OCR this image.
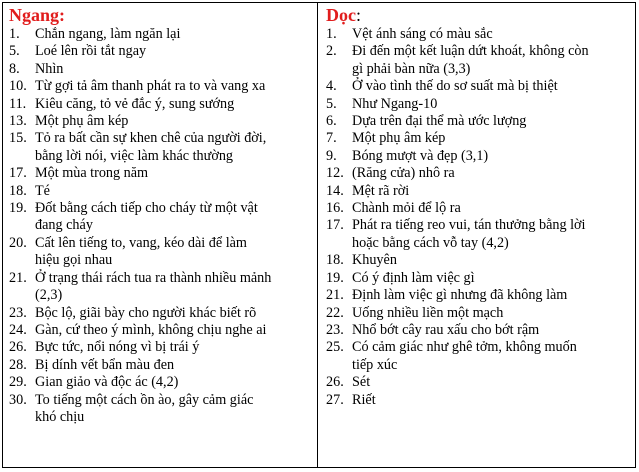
Ngang:
1.	Chắn ngang, làm ngăn lại
5.	Loé lên rồi tắt ngay
8.	Nhìn
10. Từ gợi tả âm thanh phát ra to và vang xa
11. Kiêu căng, tỏ vẻ đắc ý, sung sướng
13. Một phụ âm kép
15. Tỏ ra bất cần sự khen chê của người đời,
bằng lời nói, việc làm khác thường
17. Một mùa trong năm
18. Té
19. Đốt bằng cách tiếp cho cháy từ một vật
đang cháy
20. Cất lên tiếng to, vang, kéo dài để làm
hiệu gọi nhau
21. Ở trạng thái rách tua ra thành nhiều mảnh
(2,3)
23. Bộc lộ, giãi bày cho người khác biết rõ
24. Gàn, cứ theo ý mình, không chịu nghe ai
26. Bực tức, nổi nóng vì bị trái ý
28. Bị dính vết bẩn màu đen
29. Gian giảo và độc ác (4,2)
30. To tiếng một cách ồn ào, gây cảm giác
khó chịu
Dọc:
1.	Vệt ánh sáng có màu sắc
2.	Đi đến một kết luận dứt khoát, không còn
gì phải bàn nữa (3,3)
4.	Ở vào tình thế do sơ suất mà bị thiệt
5.	Như Ngang-10
6.	Dựa trên đại thể mà ước lượng
7.	Một phụ âm kép
9.	Bóng mượt và đẹp (3,1)
12. (Răng cửa) nhô ra
14. Mệt rã rời
16. Chành mỏi để lộ ra
17. Phát ra tiếng reo vui, tán thưởng bằng lời
hoặc bằng cách vỗ tay (4,2)
18. Khuyên
19. Có ý định làm việc gì
21. Định làm việc gì nhưng đã không làm
22. Uống nhiều liền một mạch
23. Nhổ bớt cây rau xấu cho bớt rậm
25. Có cảm giác như ghê tởm, không muốn
tiếp xúc
26. Sét
27. Riết
